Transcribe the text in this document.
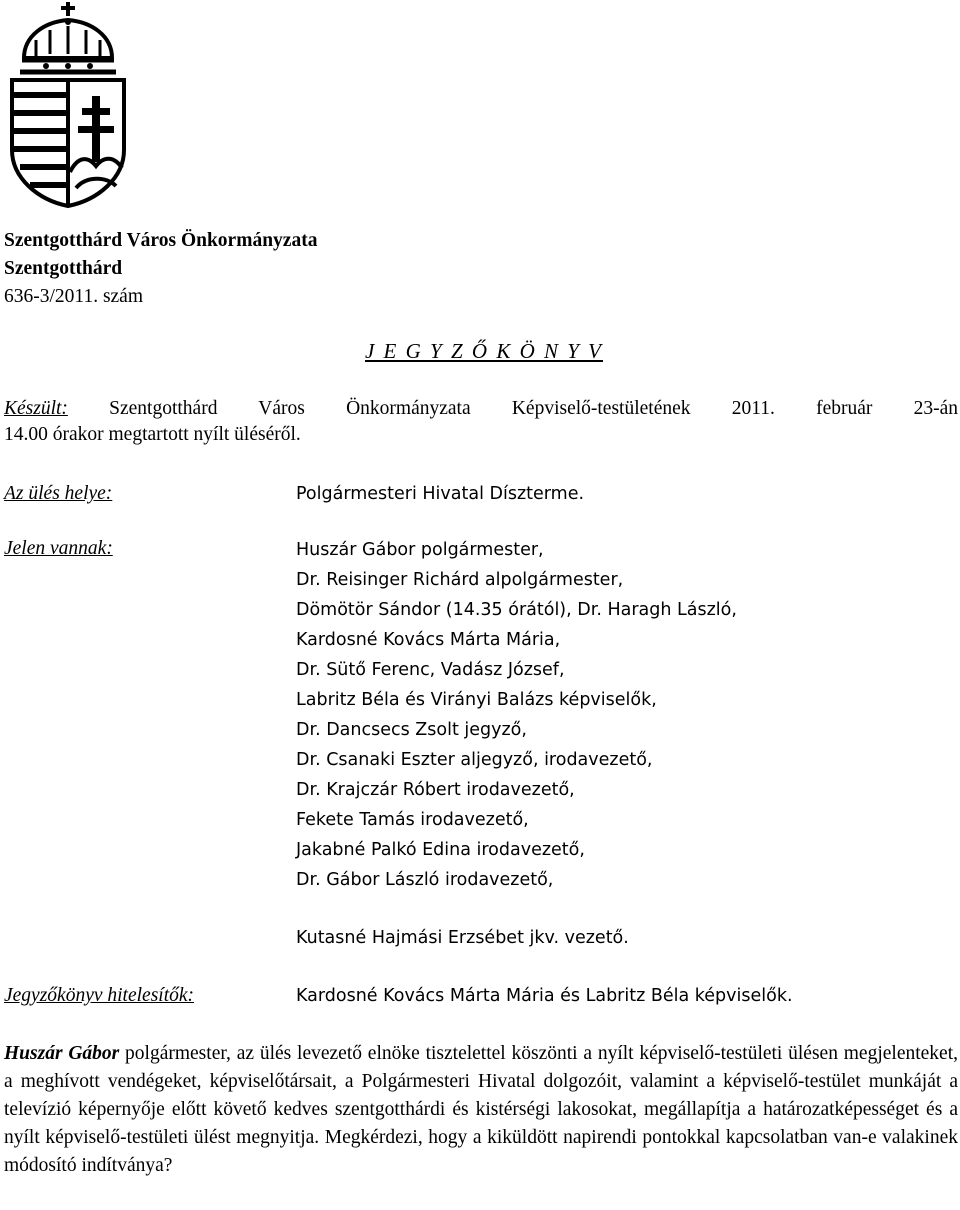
Szentgotthárd Város Önkormányzata
Szentgotthárd
636-3/2011. szám
J E G Y Z Ő K Ö N Y V
Készült: Szentgotthárd Város Önkormányzata Képviselő-testületének 2011. február 23-án
14.00 órakor megtartott nyílt üléséről.
Az ülés helye:	Polgármesteri Hivatal Díszterme.
Jelen vannak:	Huszár Gábor polgármester,
Dr. Reisinger Richárd alpolgármester,
Dömötör Sándor (14.35 órától), Dr. Haragh László,
Kardosné Kovács Márta Mária,
Dr. Sütő Ferenc, Vadász József,
Labritz Béla és Virányi Balázs képviselők,
Dr. Dancsecs Zsolt jegyző,
Dr. Csanaki Eszter aljegyző, irodavezető,
Dr. Krajczár Róbert irodavezető,
Fekete Tamás irodavezető,
Jakabné Palkó Edina irodavezető,
Dr. Gábor László irodavezető,
Kutasné Hajmási Erzsébet jkv. vezető.
Jegyzőkönyv hitelesítők:	Kardosné Kovács Márta Mária és Labritz Béla képviselők.
Huszár Gábor polgármester, az ülés levezető elnöke tisztelettel köszönti a nyílt képviselő-testületi ülésen megjelenteket, a meghívott vendégeket, képviselőtársait, a Polgármesteri Hivatal dolgozóit, valamint a képviselő-testület munkáját a televízió képernyője előtt követő kedves szentgotthárdi és kistérségi lakosokat, megállapítja a határozatképességet és a nyílt képviselő-testületi ülést megnyitja. Megkérdezi, hogy a kiküldött napirendi pontokkal kapcsolatban van-e valakinek módosító indítványa?
